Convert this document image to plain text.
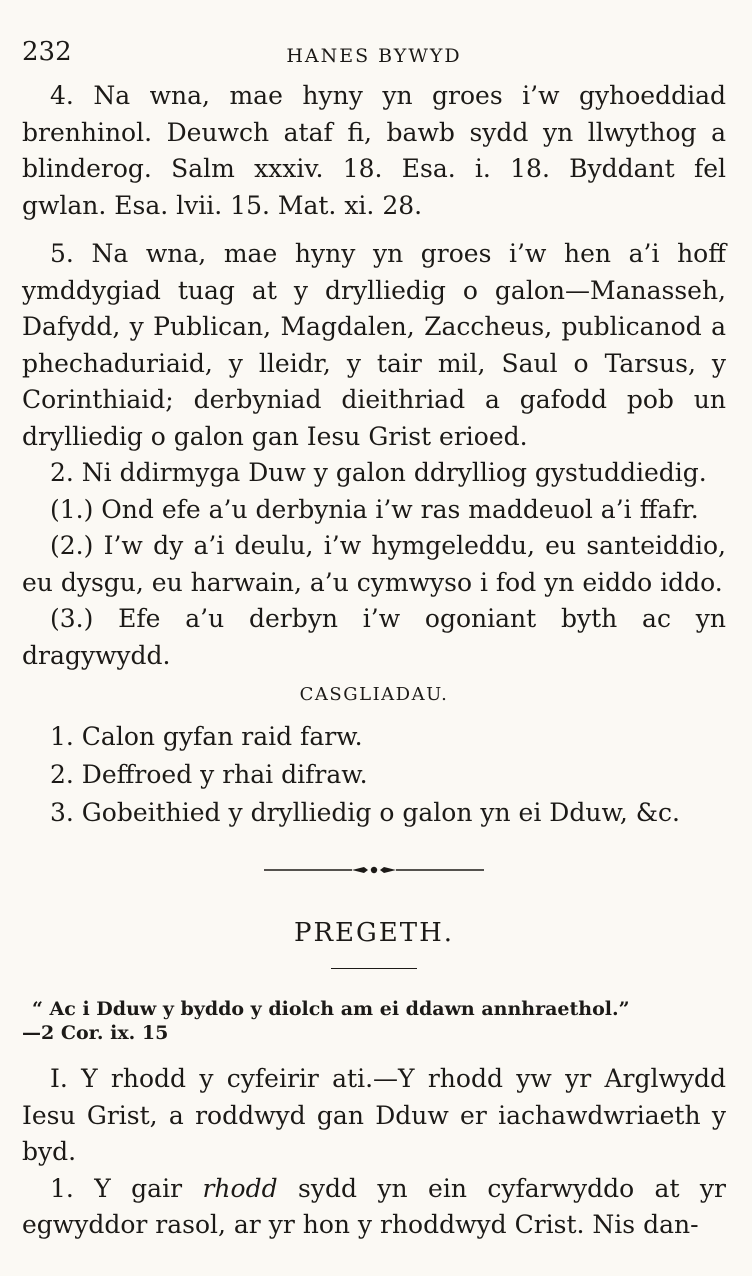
232	HANES BYWYD

4. Na wna, mae hyny yn groes i’w gyhoeddiad brenhinol. Deuwch ataf fi, bawb sydd yn llwythog a blinderog. Salm xxxiv. 18. Esa. i. 18. Byddant fel gwlan. Esa. lvii. 15. Mat. xi. 28.

5. Na wna, mae hyny yn groes i’w hen a’i hoff ymddygiad tuag at y drylliedig o galon—Manasseh, Dafydd, y Publican, Magdalen, Zaccheus, publicanod a phechaduriaid, y lleidr, y tair mil, Saul o Tarsus, y Corinthiaid; derbyniad dieithriad a gafodd pob un drylliedig o galon gan Iesu Grist erioed.

2. Ni ddirmyga Duw y galon ddrylliog gystuddiedig.

(1.) Ond efe a’u derbynia i’w ras maddeuol a’i ffafr.

(2.) I’w dy a’i deulu, i’w hymgeleddu, eu santeiddio, eu dysgu, eu harwain, a’u cymwyso i fod yn eiddo iddo.

(3.) Efe a’u derbyn i’w ogoniant byth ac yn dragywydd.

CASGLIADAU.

1. Calon gyfan raid farw.

2. Deffroed y rhai difraw.

3. Gobeithied y drylliedig o galon yn ei Dduw, &c.

PREGETH.

“ Ac i Dduw y byddo y diolch am ei ddawn annhraethol.”

—2 Cor. ix. 15

I. Y rhodd y cyfeirir ati.—Y rhodd yw yr Arglwydd Iesu Grist, a roddwyd gan Dduw er iachawdwriaeth y byd.

1. Y gair rhodd sydd yn ein cyfarwyddo at yr egwyddor rasol, ar yr hon y rhoddwyd Crist. Nis dan-
